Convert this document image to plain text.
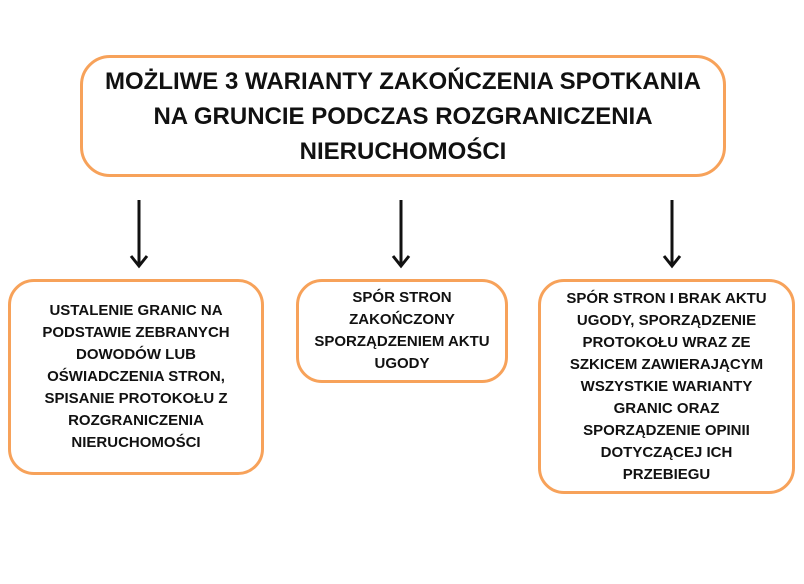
MOŻLIWE 3 WARIANTY ZAKOŃCZENIA SPOTKANIA NA GRUNCIE PODCZAS ROZGRANICZENIA NIERUCHOMOŚCI
USTALENIE GRANIC NA PODSTAWIE ZEBRANYCH DOWODÓW LUB OŚWIADCZENIA STRON, SPISANIE PROTOKOŁU Z ROZGRANICZENIA NIERUCHOMOŚCI
SPÓR STRON ZAKOŃCZONY SPORZĄDZENIEM AKTU UGODY
SPÓR STRON I BRAK AKTU UGODY, SPORZĄDZENIE PROTOKOŁU WRAZ ZE SZKICEM ZAWIERAJĄCYM WSZYSTKIE WARIANTY GRANIC ORAZ SPORZĄDZENIE OPINII DOTYCZĄCEJ ICH PRZEBIEGU
